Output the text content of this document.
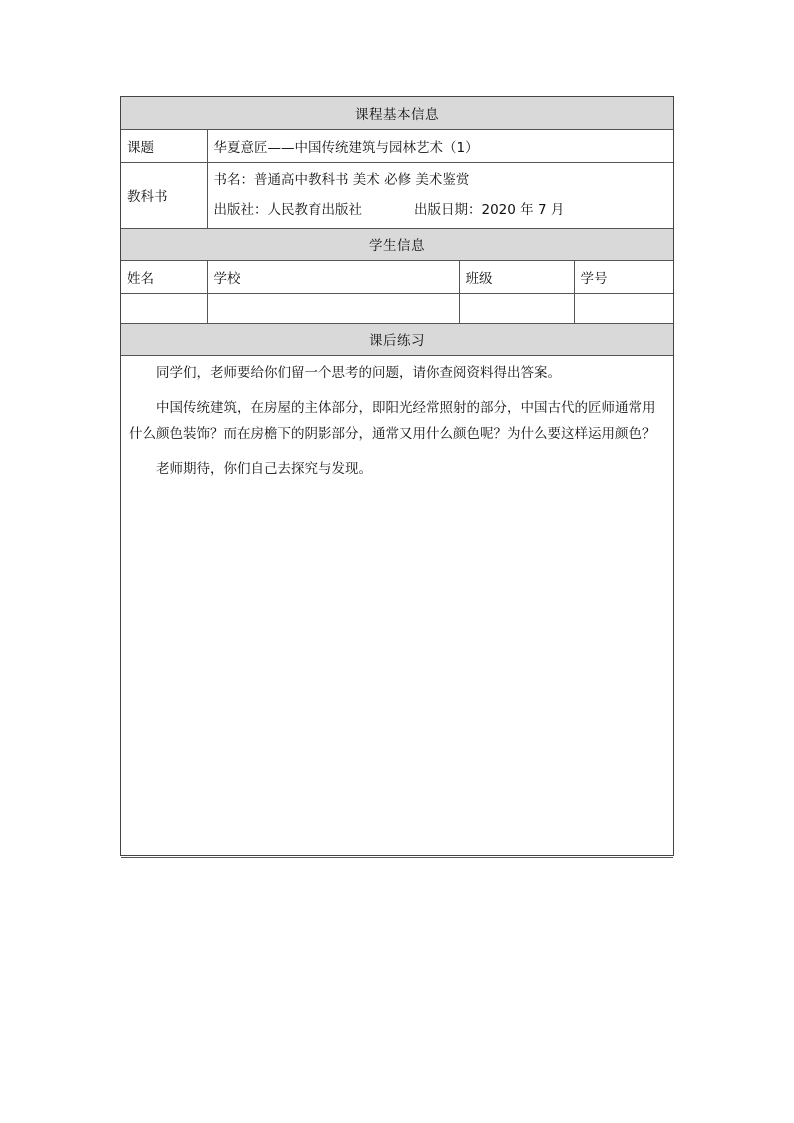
课程基本信息			
课题	华夏意匠——中国传统建筑与园林艺术（1）		
教科书	书名：普通高中教科书 美术 必修 美术鉴赏
出版社：人民教育出版社 出版日期：2020 年 7 月		

学生信息			
姓名	学校	班级	学号

课后练习			

同学们，老师要给你们留一个思考的问题，请你查阅资料得出答案。

中国传统建筑，在房屋的主体部分，即阳光经常照射的部分，中国古代的匠师通常用什么颜色装饰？而在房檐下的阴影部分，通常又用什么颜色呢？为什么要这样运用颜色？

老师期待，你们自己去探究与发现。			
